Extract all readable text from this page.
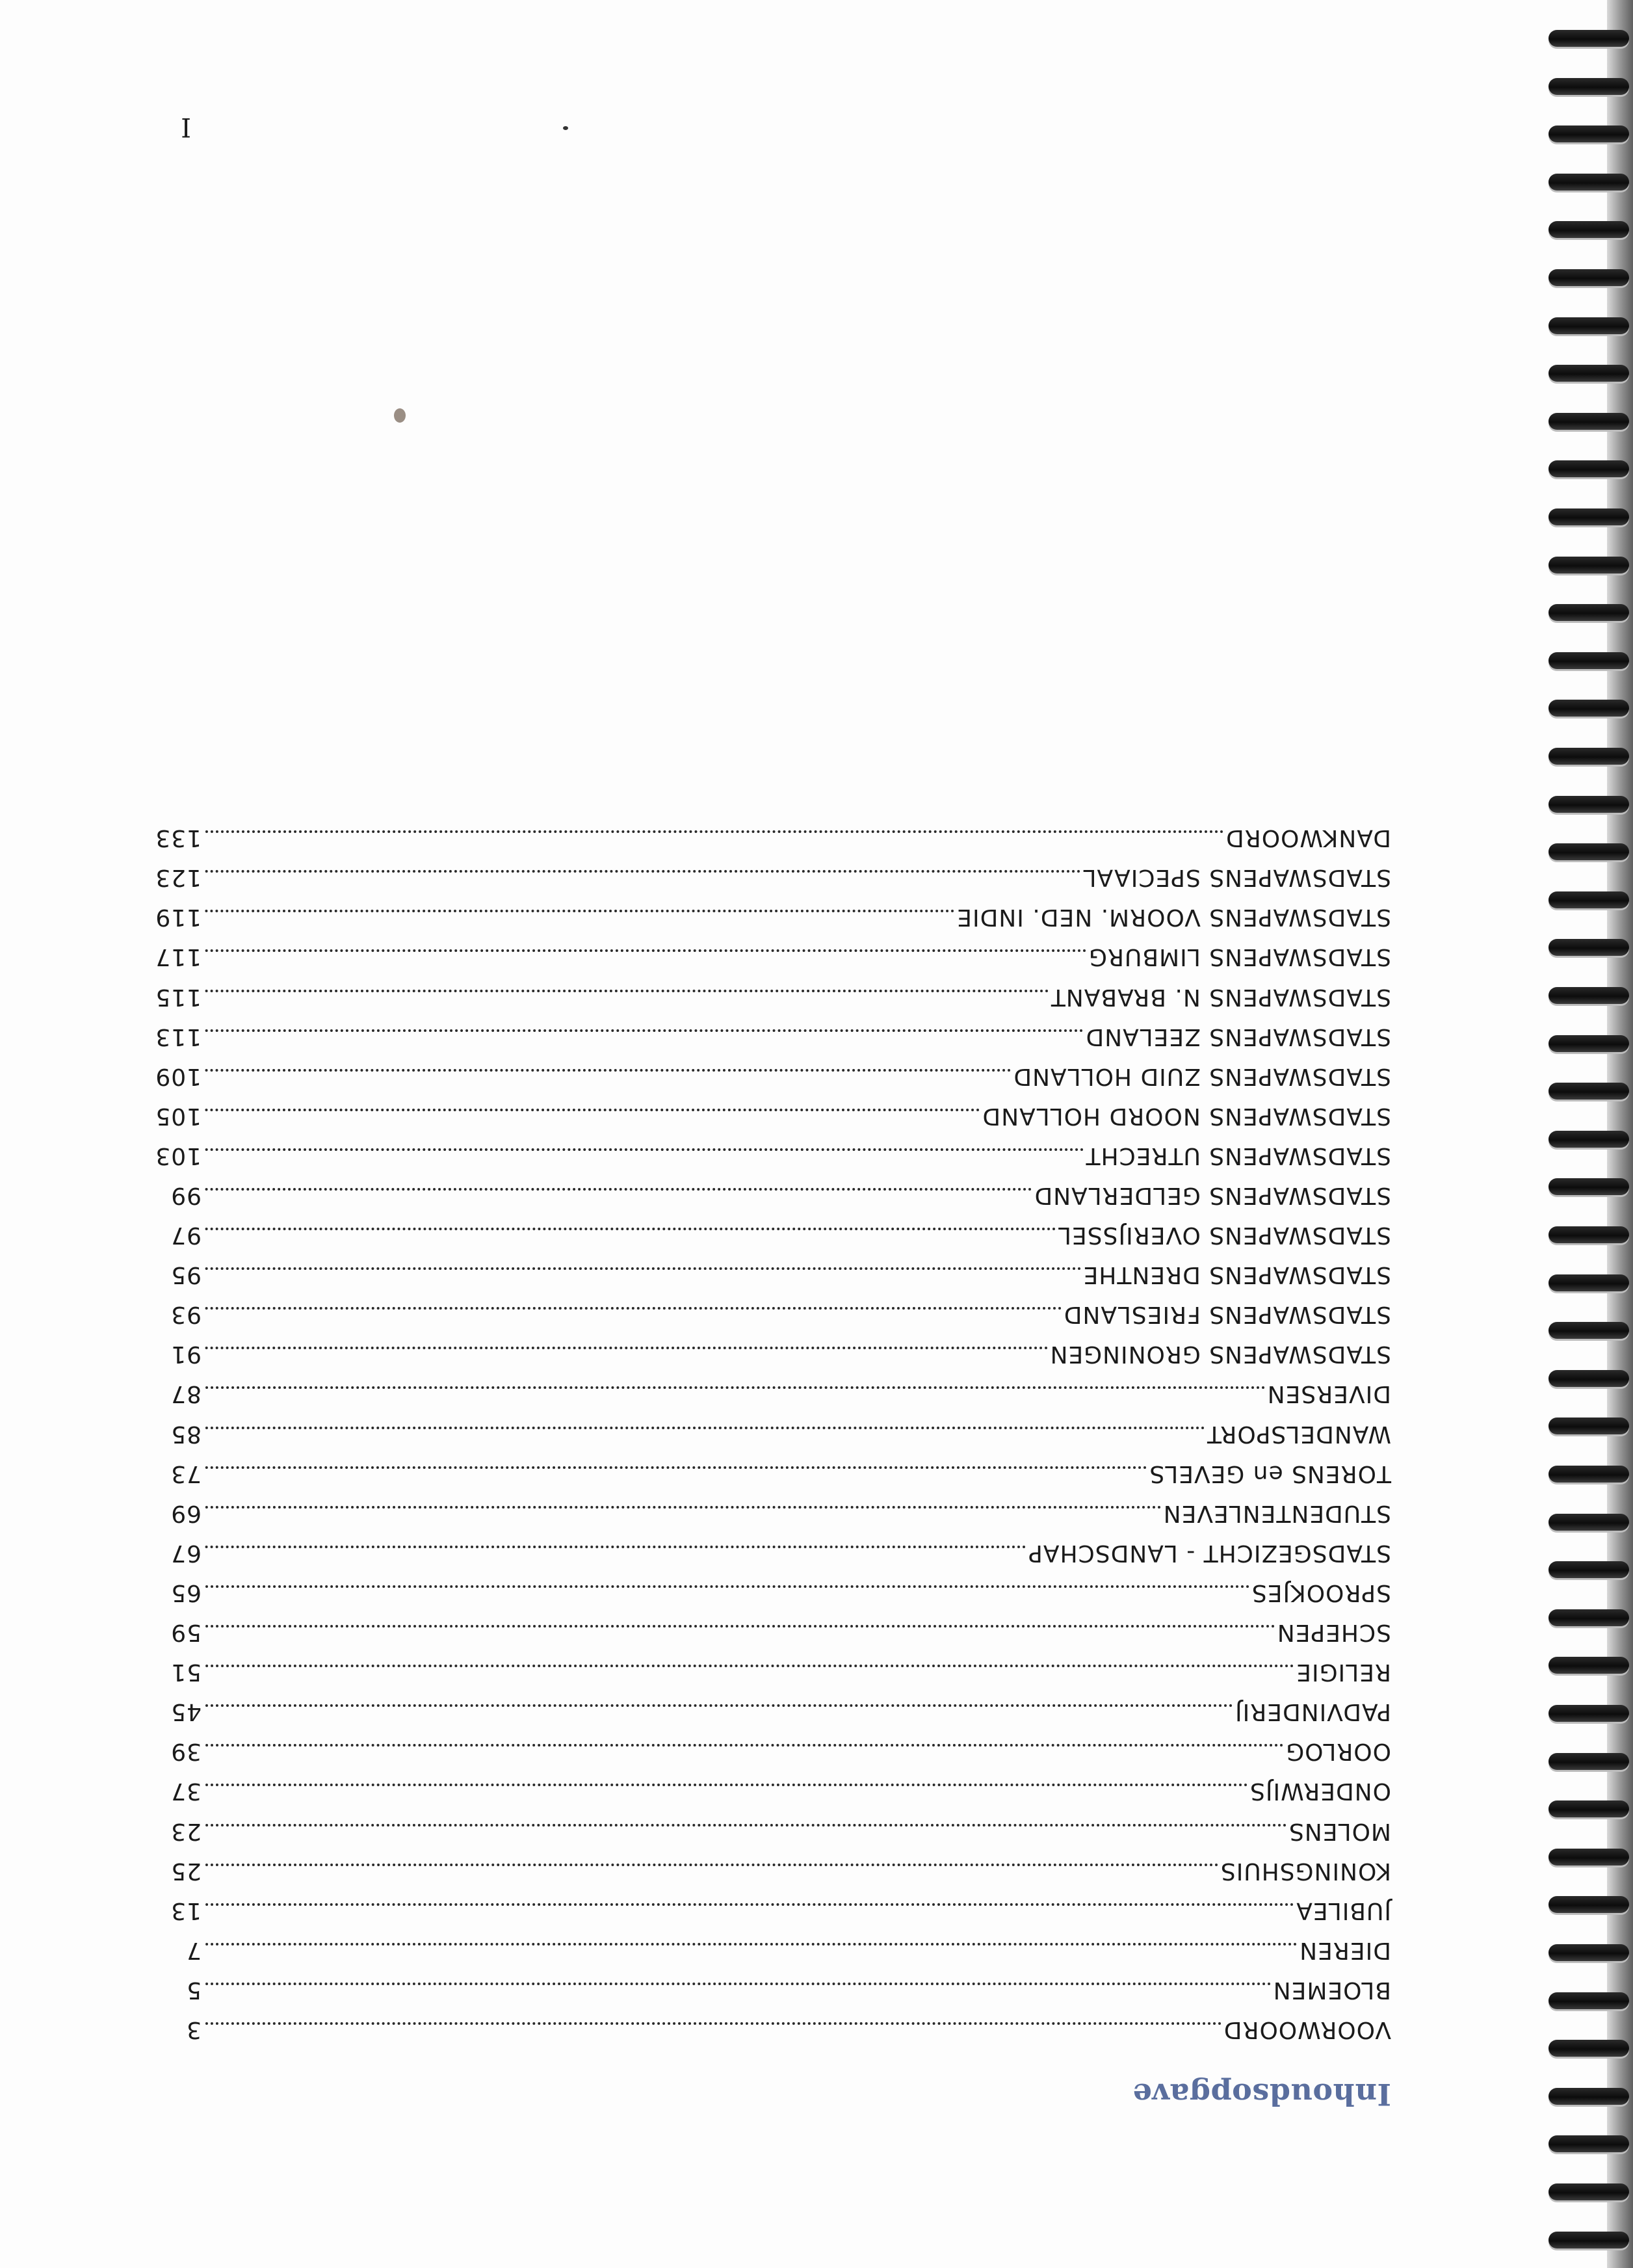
Inhoudsopgave
VOORWOORD
3
BLOEMEN
5
DIEREN
7
JUBILEA
13
KONINGSHUIS
25
MOLENS
23
ONDERWIJS
37
OORLOG
39
PADVINDERIJ
45
RELIGIE
51
SCHEPEN
59
SPROOKJES
65
STADSGEZICHT - LANDSCHAP
67
STUDENTENLEVEN
69
TORENS en GEVELS
73
WANDELSPORT
85
DIVERSEN
87
STADSWAPENS GRONINGEN
91
STADSWAPENS FRIESLAND
93
STADSWAPENS DRENTHE
95
STADSWAPENS OVERIJSSEL
97
STADSWAPENS GELDERLAND
99
STADSWAPENS UTRECHT
103
STADSWAPENS NOORD HOLLAND
105
STADSWAPENS ZUID HOLLAND
109
STADSWAPENS ZEELAND
113
STADSWAPENS N. BRABANT
115
STADSWAPENS LIMBURG
117
STADSWAPENS VOORM. NED. INDIE
119
STADSWAPENS SPECIAAL
123
DANKWOORD
133
I
